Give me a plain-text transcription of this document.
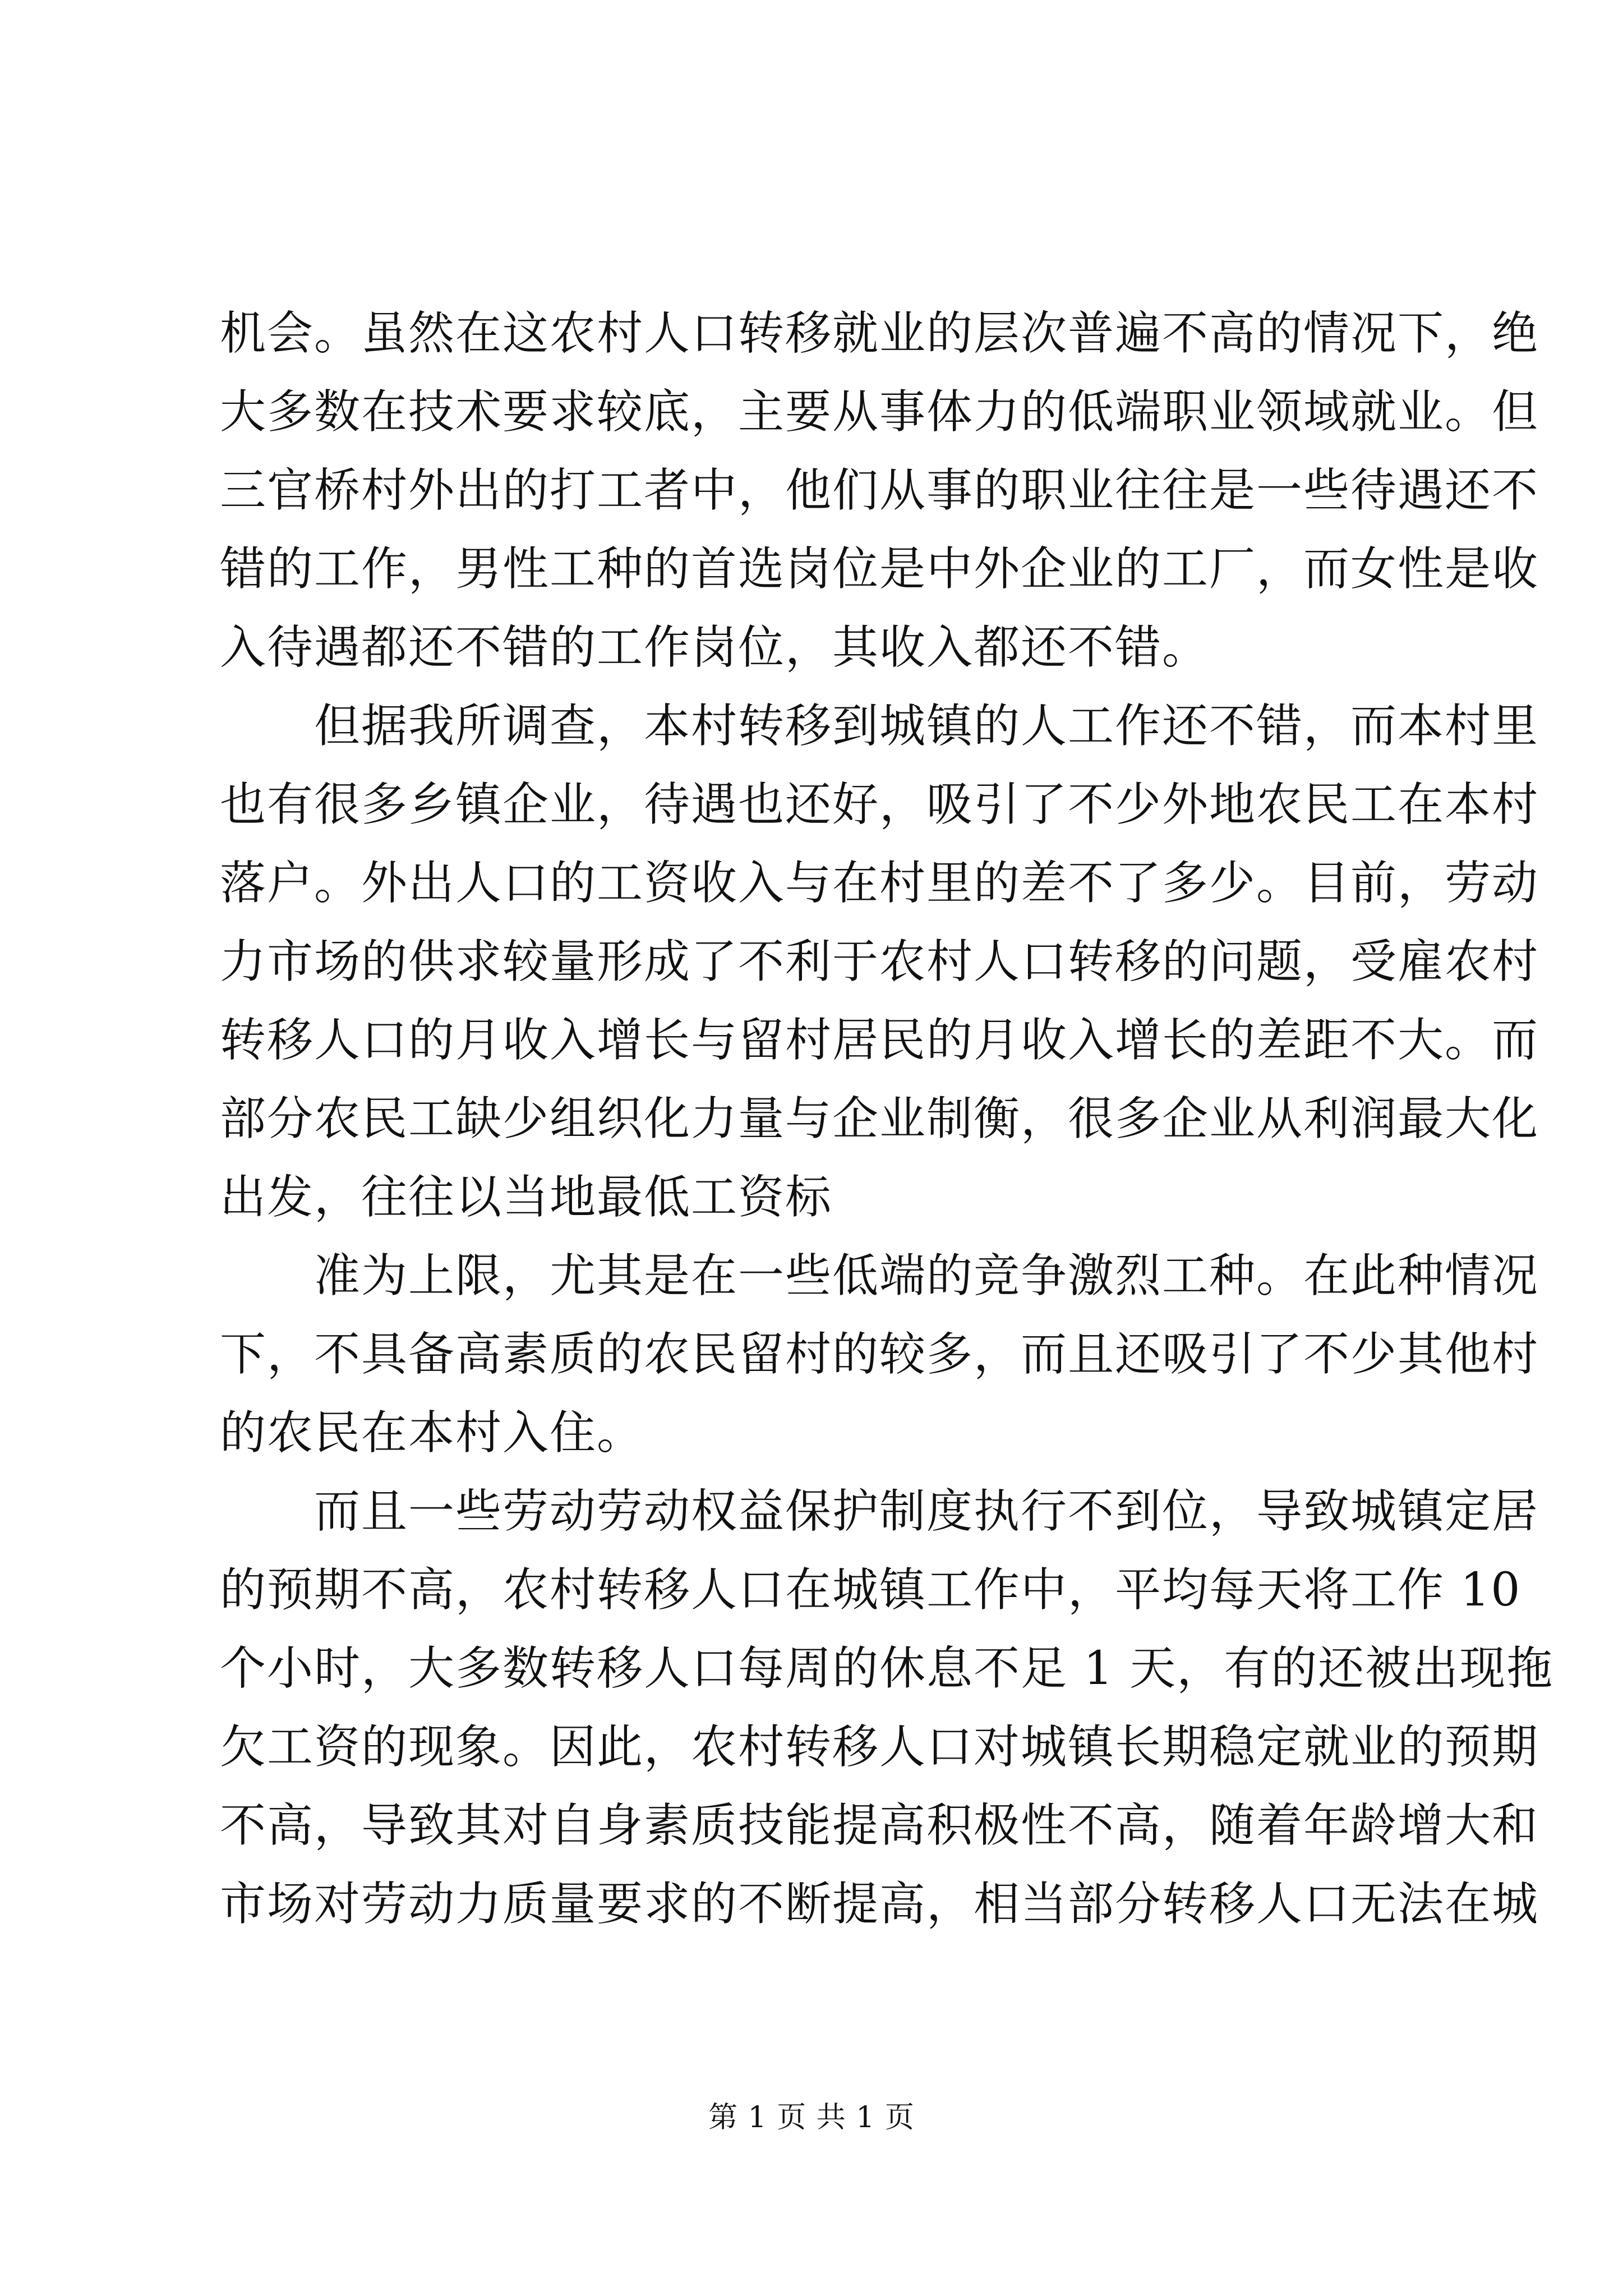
机会。虽然在这农村人口转移就业的层次普遍不高的情况下，绝
大多数在技术要求较底，主要从事体力的低端职业领域就业。但
三官桥村外出的打工者中，他们从事的职业往往是一些待遇还不
错的工作，男性工种的首选岗位是中外企业的工厂，而女性是收
入待遇都还不错的工作岗位，其收入都还不错。
　　但据我所调查，本村转移到城镇的人工作还不错，而本村里
也有很多乡镇企业，待遇也还好，吸引了不少外地农民工在本村
落户。外出人口的工资收入与在村里的差不了多少。目前，劳动
力市场的供求较量形成了不利于农村人口转移的问题，受雇农村
转移人口的月收入增长与留村居民的月收入增长的差距不大。而
部分农民工缺少组织化力量与企业制衡，很多企业从利润最大化
出发，往往以当地最低工资标
　　准为上限，尤其是在一些低端的竞争激烈工种。在此种情况
下，不具备高素质的农民留村的较多，而且还吸引了不少其他村
的农民在本村入住。
　　而且一些劳动劳动权益保护制度执行不到位，导致城镇定居
的预期不高，农村转移人口在城镇工作中，平均每天将工作 10
个小时，大多数转移人口每周的休息不足 1 天，有的还被出现拖
欠工资的现象。因此，农村转移人口对城镇长期稳定就业的预期
不高，导致其对自身素质技能提高积极性不高，随着年龄增大和
市场对劳动力质量要求的不断提高，相当部分转移人口无法在城
第 1 页 共 1 页
